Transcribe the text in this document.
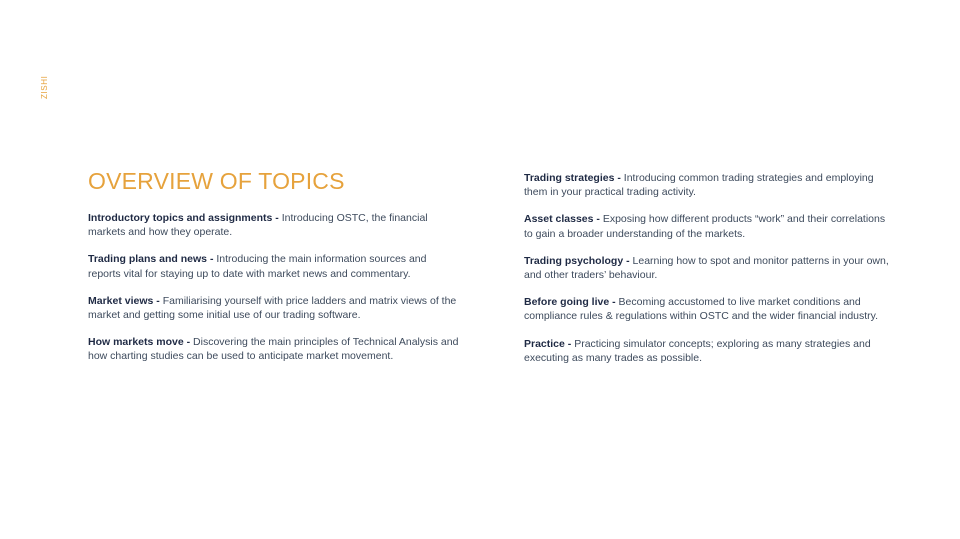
ZISHI
OVERVIEW OF TOPICS

Introductory topics and assignments - Introducing OSTC, the financial markets and how they operate.

Trading plans and news - Introducing the main information sources and reports vital for staying up to date with market news and commentary.

Market views - Familiarising yourself with price ladders and matrix views of the market and getting some initial use of our trading software.

How markets move - Discovering the main principles of Technical Analysis and how charting studies can be used to anticipate market movement.

Trading strategies - Introducing common trading strategies and employing them in your practical trading activity.

Asset classes - Exposing how different products “work” and their correlations to gain a broader understanding of the markets.

Trading psychology - Learning how to spot and monitor patterns in your own, and other traders’ behaviour.

Before going live - Becoming accustomed to live market conditions and compliance rules & regulations within OSTC and the wider financial industry.

Practice - Practicing simulator concepts; exploring as many strategies and executing as many trades as possible.
